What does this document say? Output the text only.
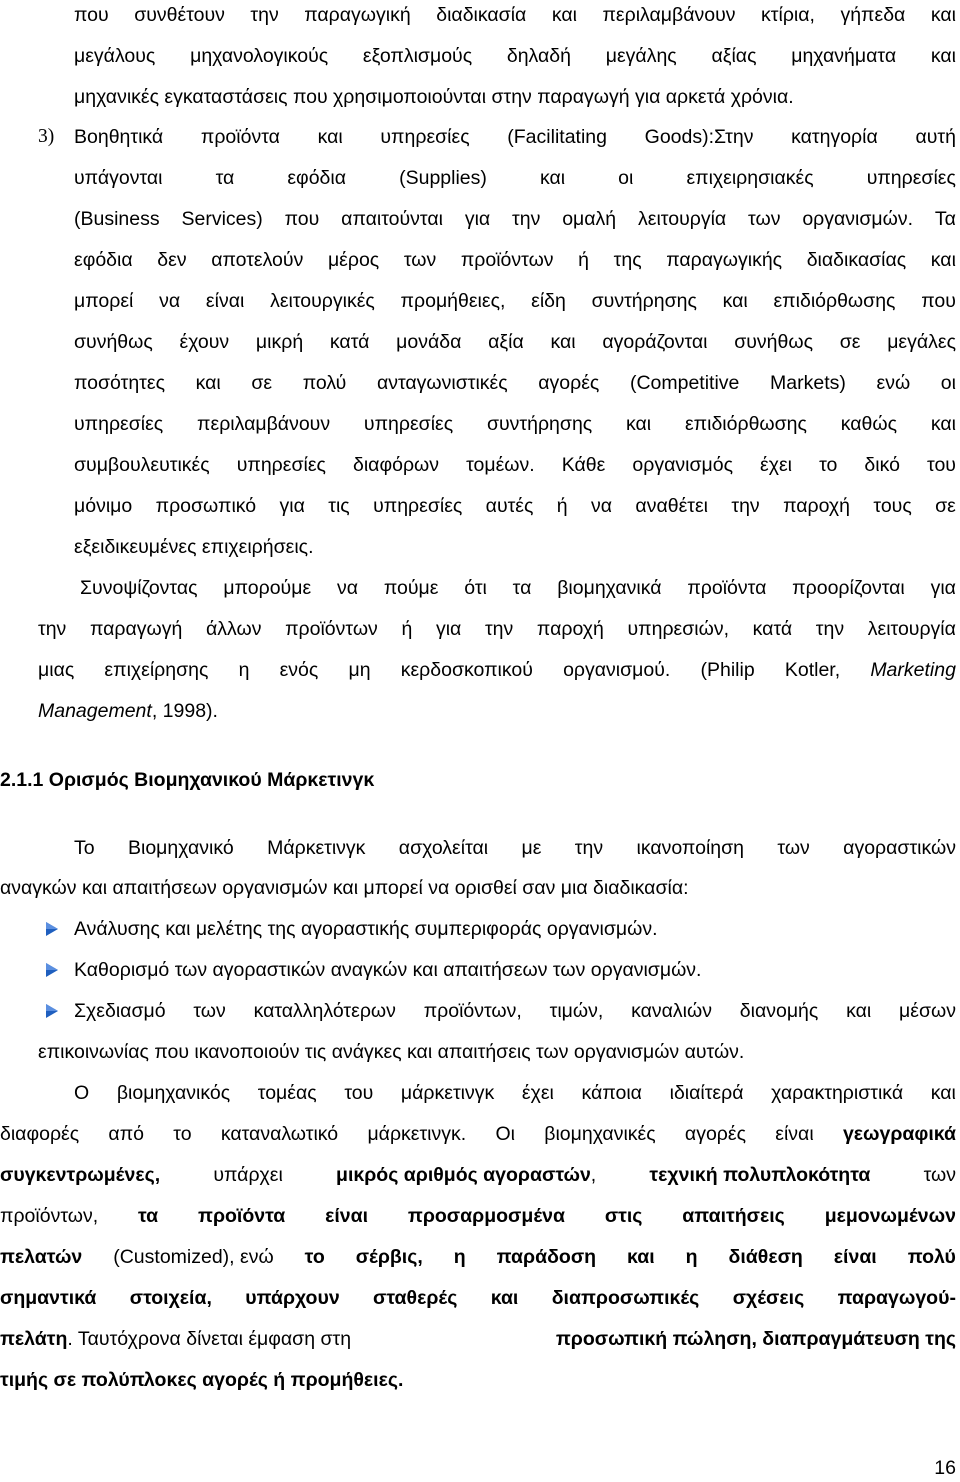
που συνθέτουν την παραγωγική διαδικασία και περιλαμβάνουν κτίρια, γήπεδα και
μεγάλους μηχανολογικούς εξοπλισμούς δηλαδή μεγάλης αξίας μηχανήματα και
μηχανικές εγκαταστάσεις που χρησιμοποιούνται στην παραγωγή για αρκετά χρόνια.
3) Βοηθητικά προϊόντα και υπηρεσίες (Facilitating Goods):Στην κατηγορία αυτή
υπάγονται	τα	εφόδια	(Supplies)	και	οι	επιχειρησιακές	υπηρεσίες
(Business Services) που απαιτούνται για την ομαλή λειτουργία των οργανισμών. Τα
εφόδια δεν αποτελούν μέρος των προϊόντων ή της παραγωγικής διαδικασίας και
μπορεί να είναι λειτουργικές προμήθειες, είδη συντήρησης και επιδιόρθωσης που
συνήθως έχουν μικρή κατά μονάδα αξία και αγοράζονται συνήθως σε μεγάλες
ποσότητες και σε πολύ ανταγωνιστικές αγορές (Competitive Markets) ενώ οι
υπηρεσίες περιλαμβάνουν υπηρεσίες συντήρησης και επιδιόρθωσης καθώς και
συμβουλευτικές υπηρεσίες διαφόρων τομέων. Κάθε οργανισμός έχει το δικό του
μόνιμο προσωπικό για τις υπηρεσίες αυτές ή να αναθέτει την παροχή τους σε
εξειδικευμένες επιχειρήσεις.
Συνοψίζοντας μπορούμε να πούμε ότι τα βιομηχανικά προϊόντα προορίζονται για
την παραγωγή άλλων προϊόντων ή για την παροχή υπηρεσιών, κατά την λειτουργία
μιας επιχείρησης η ενός μη κερδοσκοπικού οργανισμού. (Philip Kotler, Marketing
Management , 1998).
2.1.1 Ορισμός Βιομηχανικού Μάρκετινγκ
Το Βιομηχανικό Μάρκετινγκ ασχολείται με την ικανοποίηση των αγοραστικών
αναγκών και απαιτήσεων οργανισμών και μπορεί να ορισθεί σαν μια διαδικασία:
Ανάλυσης και μελέτης της αγοραστικής συμπεριφοράς οργανισμών.
Καθορισμό των αγοραστικών αναγκών και απαιτήσεων των οργανισμών.
Σχεδιασμό των καταλληλότερων προϊόντων, τιμών, καναλιών διανομής και μέσων
επικοινωνίας που ικανοποιούν τις ανάγκες και απαιτήσεις των οργανισμών αυτών.
Ο βιομηχανικός τομέας του μάρκετινγκ έχει κάποια ιδιαίτερά χαρακτηριστικά και
διαφορές από το καταναλωτικό μάρκετινγκ. Οι βιομηχανικές αγορές είναι γεωγραφικά
συγκεντρωμένες,	υπάρχει	μικρός αριθμός αγοραστών,	τεχνική πολυπλοκότητα	των
προϊόντων, τα προϊόντα είναι προσαρμοσμένα στις απαιτήσεις μεμονωμένων
πελατών (Customized), ενώ το σέρβις, η παράδοση και η διάθεση είναι πολύ
σημαντικά στοιχεία, υπάρχουν σταθερές και διαπροσωπικές σχέσεις παραγωγού-
πελάτη. Ταυτόχρονα δίνεται έμφαση στη	προσωπική πώληση, διαπραγμάτευση της
τιμής σε πολύπλοκες αγορές ή προμήθειες.
16
